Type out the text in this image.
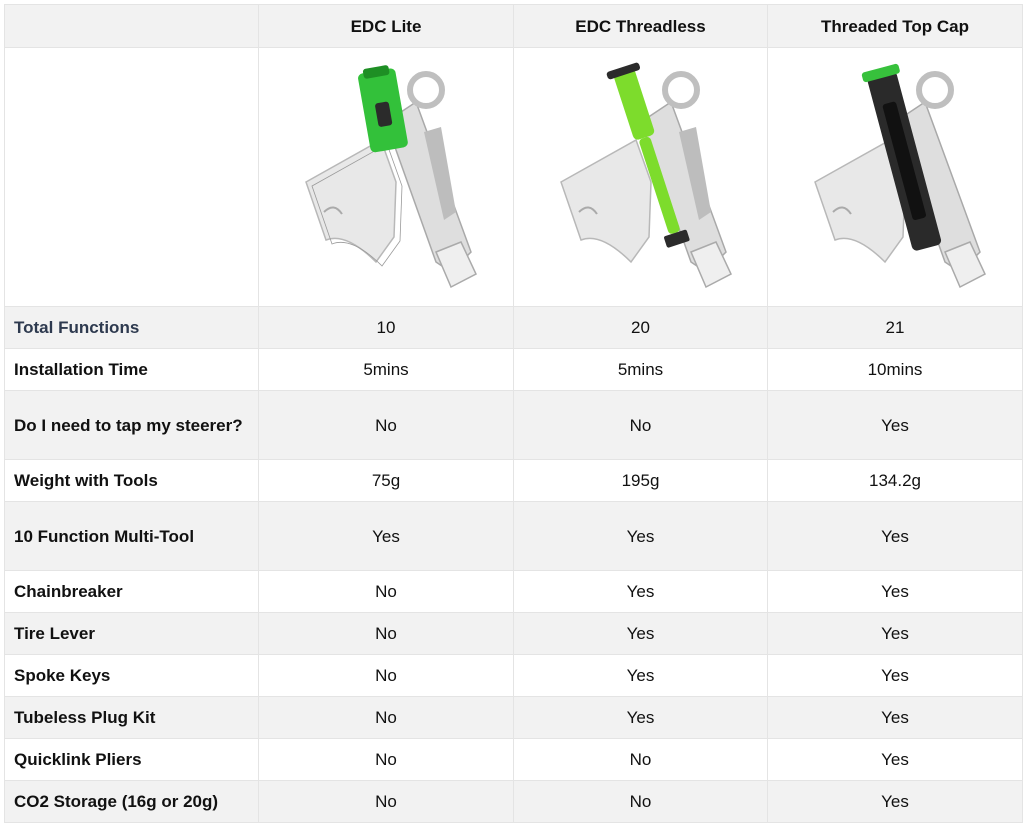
	EDC Lite	EDC Threadless	Threaded Top Cap

Total Functions	10	20	21
Installation Time	5mins	5mins	10mins
Do I need to tap my steerer?	No	No	Yes
Weight with Tools	75g	195g	134.2g
10 Function Multi-Tool	Yes	Yes	Yes
Chainbreaker	No	Yes	Yes
Tire Lever	No	Yes	Yes
Spoke Keys	No	Yes	Yes
Tubeless Plug Kit	No	Yes	Yes
Quicklink Pliers	No	No	Yes
CO2 Storage (16g or 20g)	No	No	Yes
